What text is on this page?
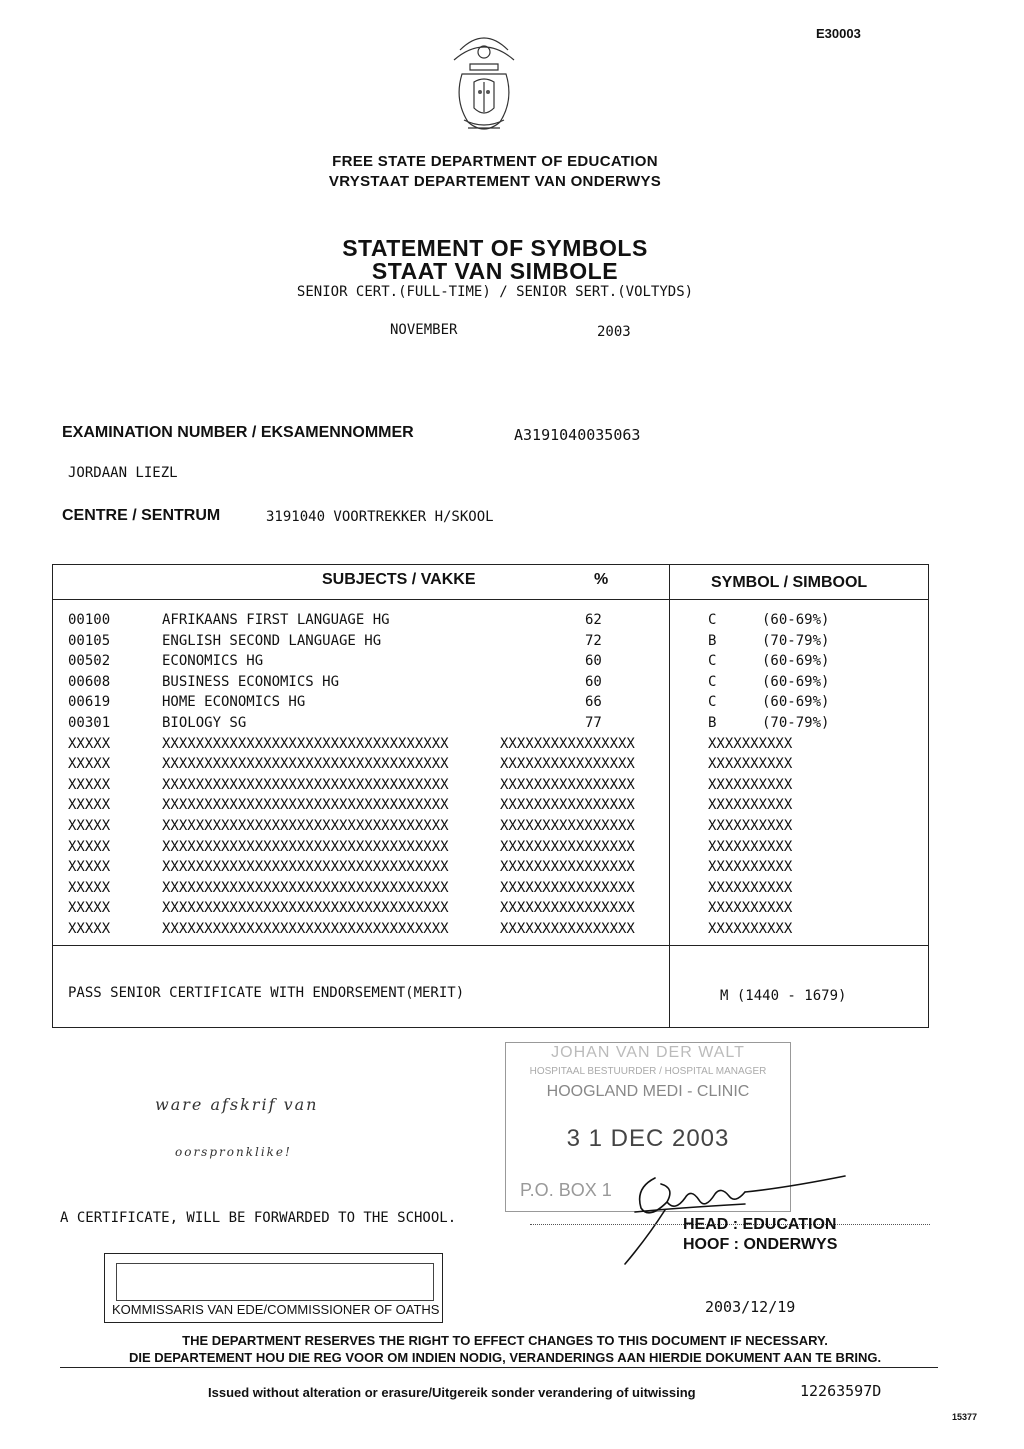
E30003
FREE STATE DEPARTMENT OF EDUCATION
VRYSTAAT DEPARTEMENT VAN ONDERWYS
STATEMENT OF SYMBOLS
STAAT VAN SIMBOLE
SENIOR CERT.(FULL-TIME) / SENIOR SERT.(VOLTYDS)
NOVEMBER	2003
EXAMINATION NUMBER / EKSAMENNOMMER	A3191040035063
JORDAAN LIEZL
CENTRE / SENTRUM	3191040 VOORTREKKER H/SKOOL
SUBJECTS / VAKKE	%	SYMBOL / SIMBOOL
00100	AFRIKAANS FIRST LANGUAGE HG	62	C	(60-69%)
00105	ENGLISH SECOND LANGUAGE HG	72	B	(70-79%)
00502	ECONOMICS HG	60	C	(60-69%)
00608	BUSINESS ECONOMICS HG	60	C	(60-69%)
00619	HOME ECONOMICS HG	66	C	(60-69%)
00301	BIOLOGY SG	77	B	(70-79%)
XXXXX	XXXXXXXXXXXXXXXXXXXXXXXXXXXXXXXXXX	XXXXXXXXXXXXXXXX	XXXXXXXXXX
XXXXX	XXXXXXXXXXXXXXXXXXXXXXXXXXXXXXXXXX	XXXXXXXXXXXXXXXX	XXXXXXXXXX
XXXXX	XXXXXXXXXXXXXXXXXXXXXXXXXXXXXXXXXX	XXXXXXXXXXXXXXXX	XXXXXXXXXX
XXXXX	XXXXXXXXXXXXXXXXXXXXXXXXXXXXXXXXXX	XXXXXXXXXXXXXXXX	XXXXXXXXXX
XXXXX	XXXXXXXXXXXXXXXXXXXXXXXXXXXXXXXXXX	XXXXXXXXXXXXXXXX	XXXXXXXXXX
XXXXX	XXXXXXXXXXXXXXXXXXXXXXXXXXXXXXXXXX	XXXXXXXXXXXXXXXX	XXXXXXXXXX
XXXXX	XXXXXXXXXXXXXXXXXXXXXXXXXXXXXXXXXX	XXXXXXXXXXXXXXXX	XXXXXXXXXX
XXXXX	XXXXXXXXXXXXXXXXXXXXXXXXXXXXXXXXXX	XXXXXXXXXXXXXXXX	XXXXXXXXXX
XXXXX	XXXXXXXXXXXXXXXXXXXXXXXXXXXXXXXXXX	XXXXXXXXXXXXXXXX	XXXXXXXXXX
XXXXX	XXXXXXXXXXXXXXXXXXXXXXXXXXXXXXXXXX	XXXXXXXXXXXXXXXX	XXXXXXXXXX
PASS SENIOR CERTIFICATE WITH ENDORSEMENT(MERIT)	M (1440 - 1679)
JOHAN VAN DER WALT
HOSPITAAL BESTUURDER / HOSPITAL MANAGER
HOOGLAND MEDI - CLINIC
3 1 DEC 2003
P.O. BOX 1
ware afskrif van
oorspronklike!
A CERTIFICATE, WILL BE FORWARDED TO THE SCHOOL.	HEAD : EDUCATION
HOOF : ONDERWYS
KOMMISSARIS VAN EDE/COMMISSIONER OF OATHS	2003/12/19
THE DEPARTMENT RESERVES THE RIGHT TO EFFECT CHANGES TO THIS DOCUMENT IF NECESSARY.
DIE DEPARTEMENT HOU DIE REG VOOR OM INDIEN NODIG, VERANDERINGS AAN HIERDIE DOKUMENT AAN TE BRING.
Issued without alteration or erasure/Uitgereik sonder verandering of uitwissing	12263597D
15377
